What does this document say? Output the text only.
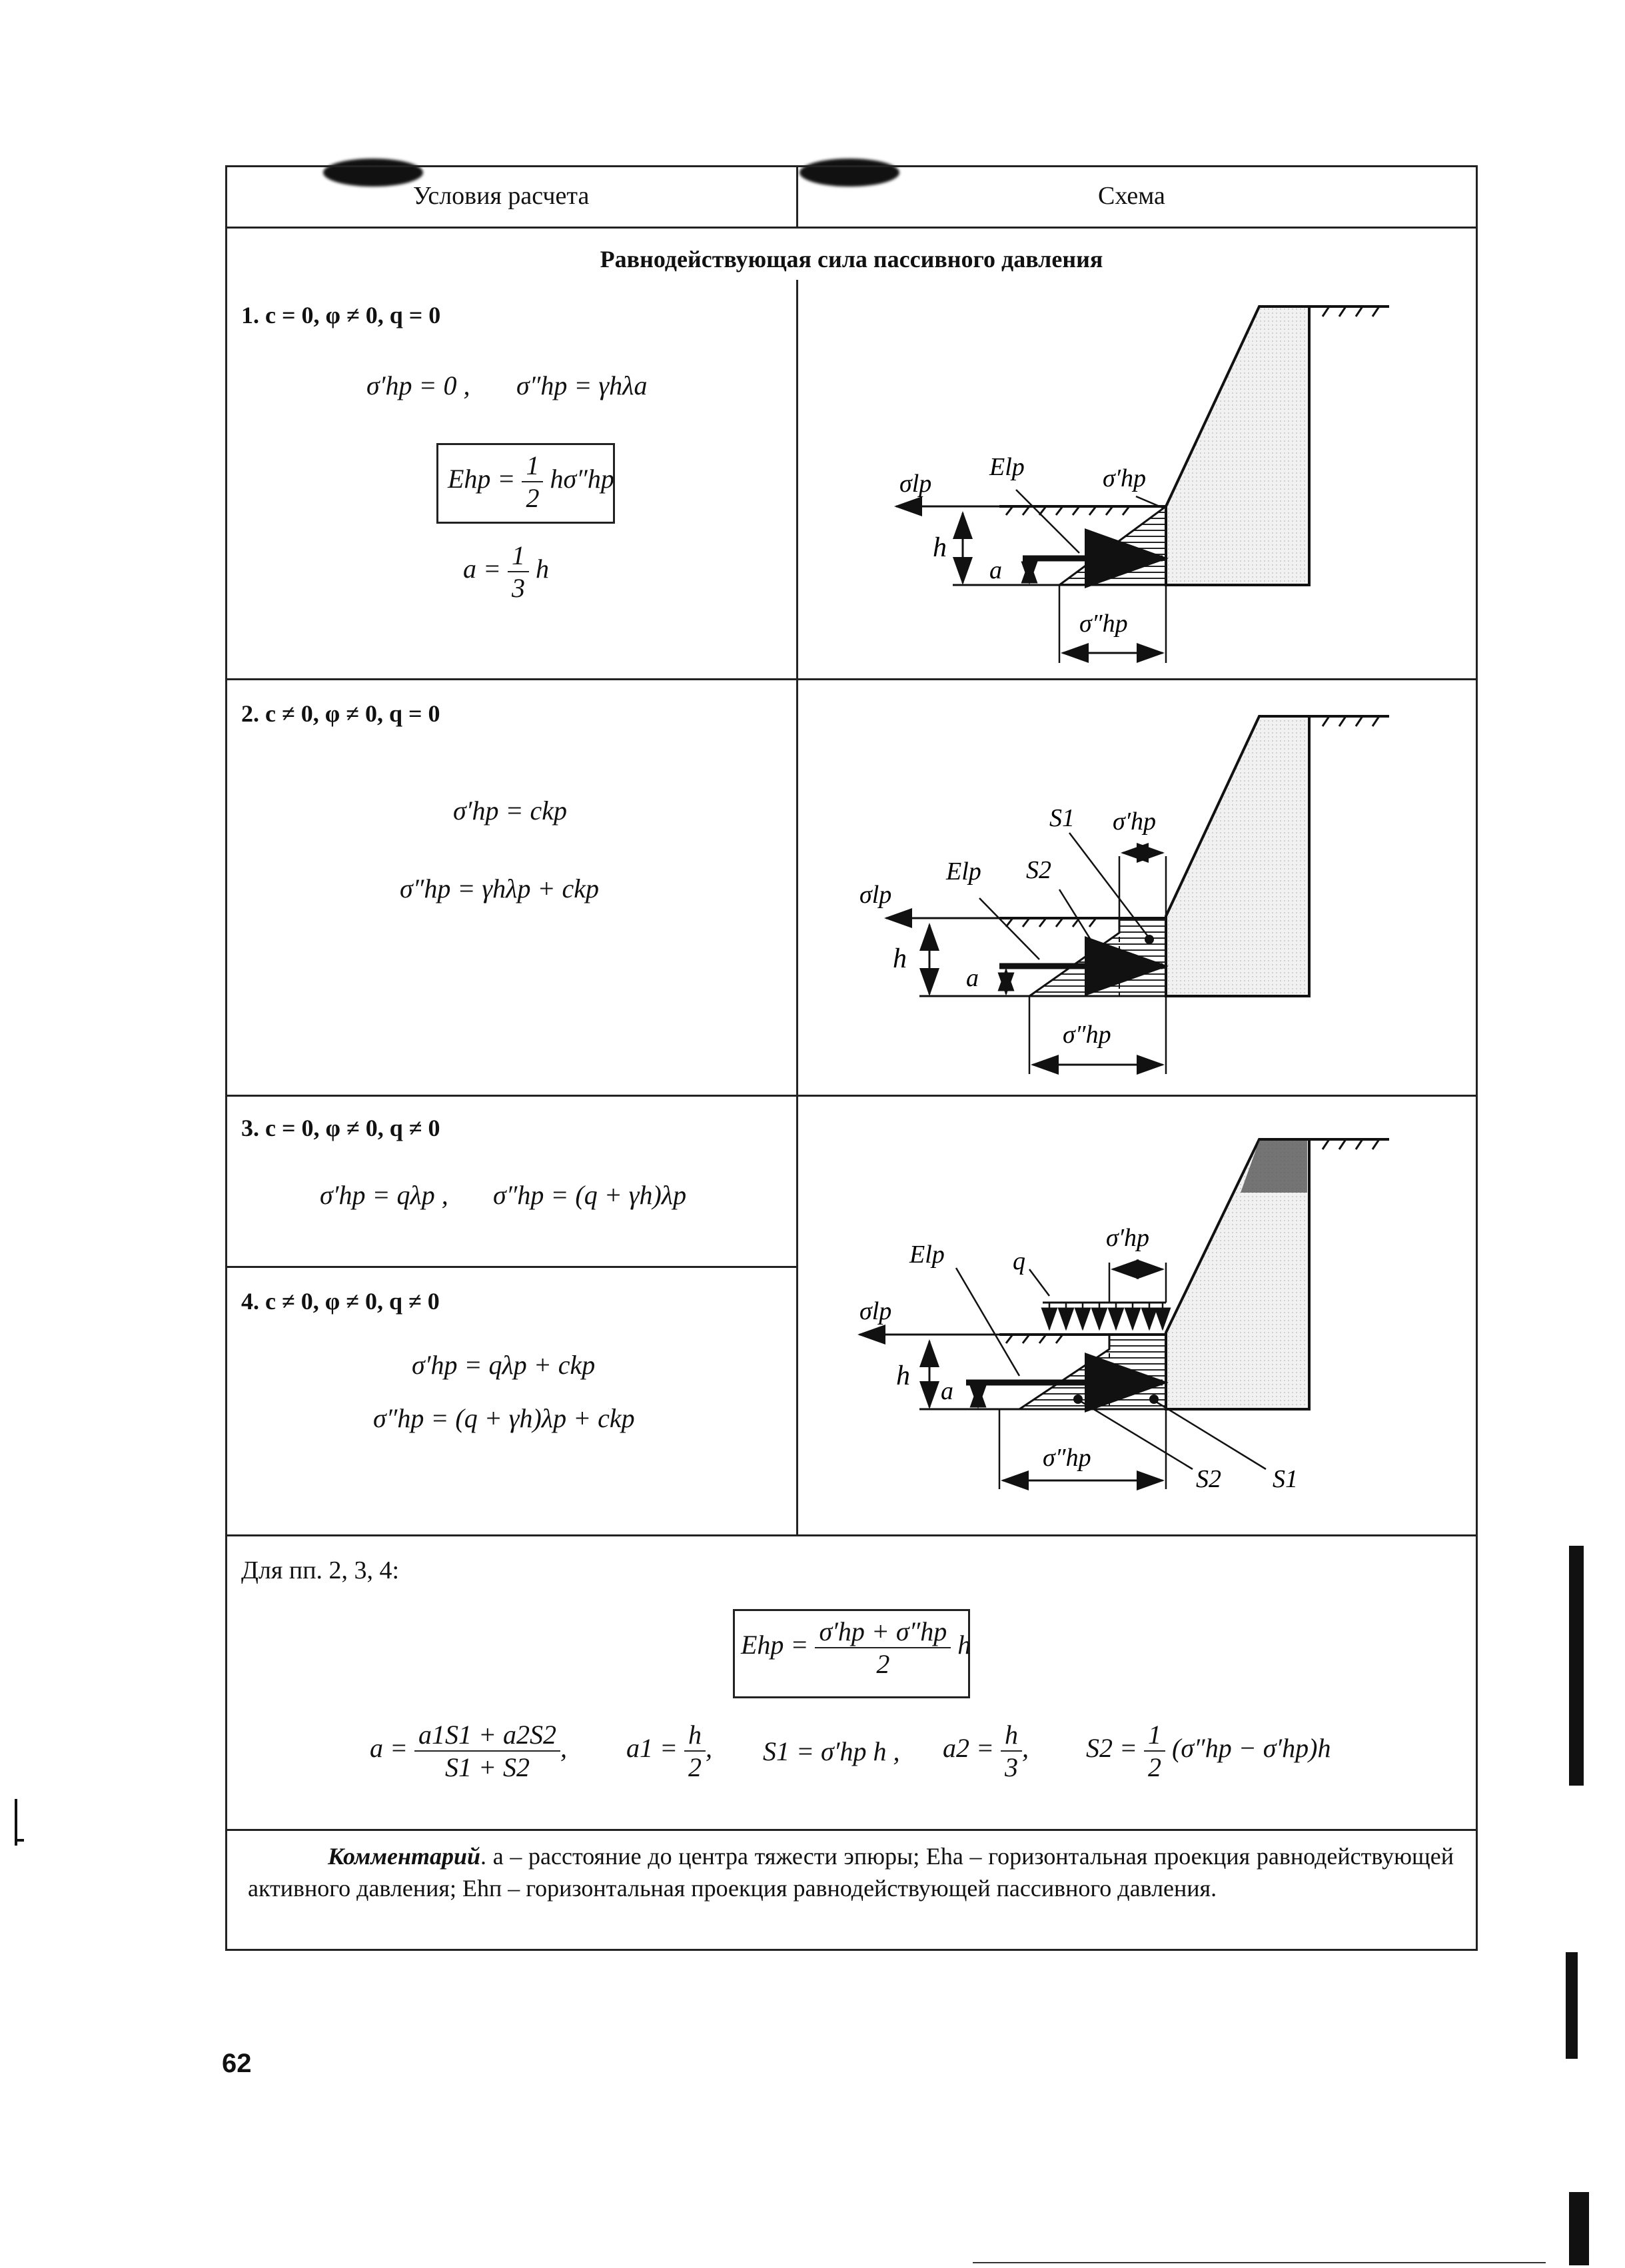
Условия расчета	Схема
Равнодействующая сила пассивного давления
1. c = 0, φ ≠ 0, q = 0
σ′hp = 0 , σ″hp = γhλa
Ehp = $\frac{1}{2} h\sigma''hp$
$a = \frac{1}{3}$ h
2. c ≠ 0, φ ≠ 0, q = 0
σ′hp = ckp
σ″hp = γhλp + ckp
3. c = 0, φ ≠ 0, q ≠ 0
σ′hp = qλp , σ″hp = (q + γh)λp
4. c ≠ 0, φ ≠ 0, q ≠ 0
σ′hp = qλp + ckp
σ″hp = (q + γh)λp + ckp
σlp
Elp	σ′hp
h
a
σ″hp
σlp
Elp S2
S1 σ′hp
h
a
σ″hp
σlp
Elp	q
σ′hp
h a
σ″hp
S2 S1
Для пп. 2, 3, 4:
Ehp = $\frac{\sigma'hp + \sigma''hp}{2}$ h
$a = \frac{a1S1 + a2S2}{S1 + S2}$ , $a1 = \frac{h}{2}$ , S1 = σ′hp h , $a2 = \frac{h}{3}$ , $S2 = \frac{1}{2} (\sigma''hp - \sigma'hp)h$
Комментарий. a – расстояние до центра тяжести эпюры; Eha – горизонтальная проекция равнодействующей активного давления; Ehп – горизонтальная проекция равнодействующей пассивного давления.
62
